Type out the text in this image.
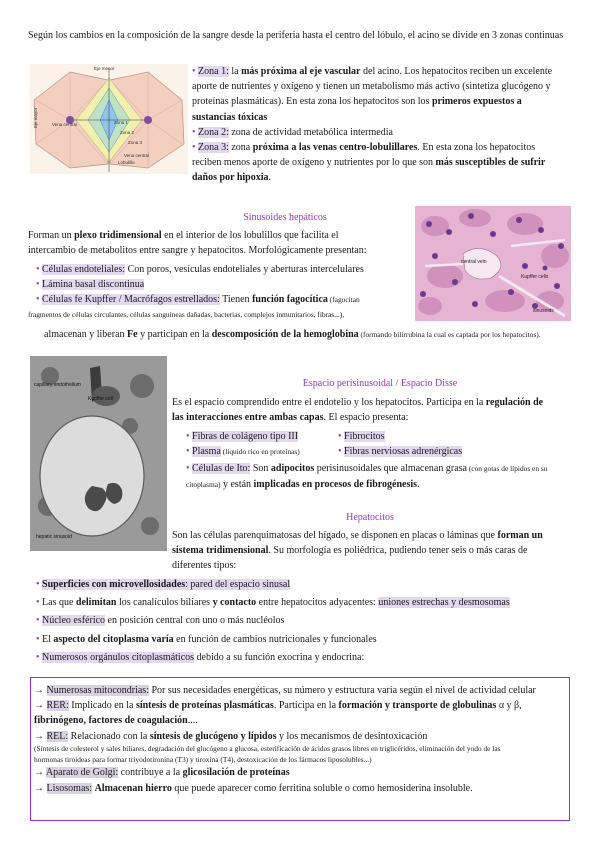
Según los cambios en la composición de la sangre desde la periferia hasta el centro del lóbulo, el acino se divide en 3 zonas continuas
Eje menor
Eje mayor	Vena central
Vena central
Zona 1
Zona 2
Zona 3
Lobulillo
• Zona 1: la más próxima al eje vascular del acino. Los hepatocitos reciben un excelente
aporte de nutrientes y oxígeno y tienen un metabolismo más activo (sintetiza glucógeno y
proteínas plasmáticas). En esta zona los hepatocitos son los primeros expuestos a
sustancias tóxicas
• Zona 2: zona de actividad metabólica intermedia
• Zona 3: zona próxima a las venas centro-lobulillares. En esta zona los hepatocitos
reciben menos aporte de oxígeno y nutrientes por lo que son más susceptibles de sufrir
daños por hipoxia.
Sinusoides hepáticos
central vein
Kupffer cells
sinusoids
Forman un plexo tridimensional en el interior de los lobulillos que facilita el
intercambio de metabolitos entre sangre y hepatocitos. Morfológicamente presentan:
• Células endoteliales: Con poros, vesículas endoteliales y aberturas intercelulares
• Lámina basal discontinua
• Células fe Kupffer / Macrófagos estrellados: Tienen función fagocítica (fagocitan
fragmentos de células circulantes, células sanguíneas dañadas, bacterias, complejos inmunitarios, fibras...),
almacenan y liberan Fe y participan en la descomposición de la hemoglobina (formando bilirrubina la cual es captada por los hepatocitos).
capillary endothelium
Kupffer cell
hepatic sinusoid
Espacio perisinusoidal / Espacio Disse
Es el espacio comprendido entre el endotelio y los hepatocitos. Participa en la regulación de
las interacciones entre ambas capas. El espacio presenta:
• Fibras de colágeno tipo III
• Plasma (líquido rico en proteínas)
• Fibrocitos
• Fibras nerviosas adrenérgicas
• Células de Ito: Son adipocitos perisinusoidales que almacenan grasa (con gotas de lípidos en su
citoplasma) y están implicadas en procesos de fibrogénesis.
Hepatocitos
Son las células parenquimatosas del hígado, se disponen en placas o láminas que forman un
sistema tridimensional. Su morfología es poliédrica, pudiendo tener seis o más caras de
diferentes tipos:
• Superficies con microvellosidades: pared del espacio sinusal
• Las que delimitan los canalículos biliares y contacto entre hepatocitos adyacentes: uniones estrechas y desmosomas
• Núcleo esférico en posición central con uno o más nucléolos
• El aspecto del citoplasma varía en función de cambios nutricionales y funcionales
• Numerosos orgánulos citoplasmáticos debido a su función exocrina y endocrina:
→ Numerosas mitocondrias: Por sus necesidades energéticas, su número y estructura varía según el nivel de actividad celular
→ RER: Implicado en la síntesis de proteínas plasmáticas. Participa en la formación y transporte de globulinas α y β,
fibrinógeno, factores de coagulación....
→ REL: Relacionado con la síntesis de glucógeno y lípidos y los mecanismos de desintoxicación
(Síntesis de colesterol y sales biliares, degradación del glucógeno a glucosa, esterificación de ácidos grasos libres en triglicéridos, eliminación del yodo de las
hormonas tiroideas para formar triyodotironina (T3) y tiroxina (T4), destoxicación de los fármacos liposolubles...)
→ Aparato de Golgi: contribuye a la glicosilación de proteínas
→ Lisosomas: Almacenan hierro que puede aparecer como ferritina soluble o como hemosiderina insoluble.
